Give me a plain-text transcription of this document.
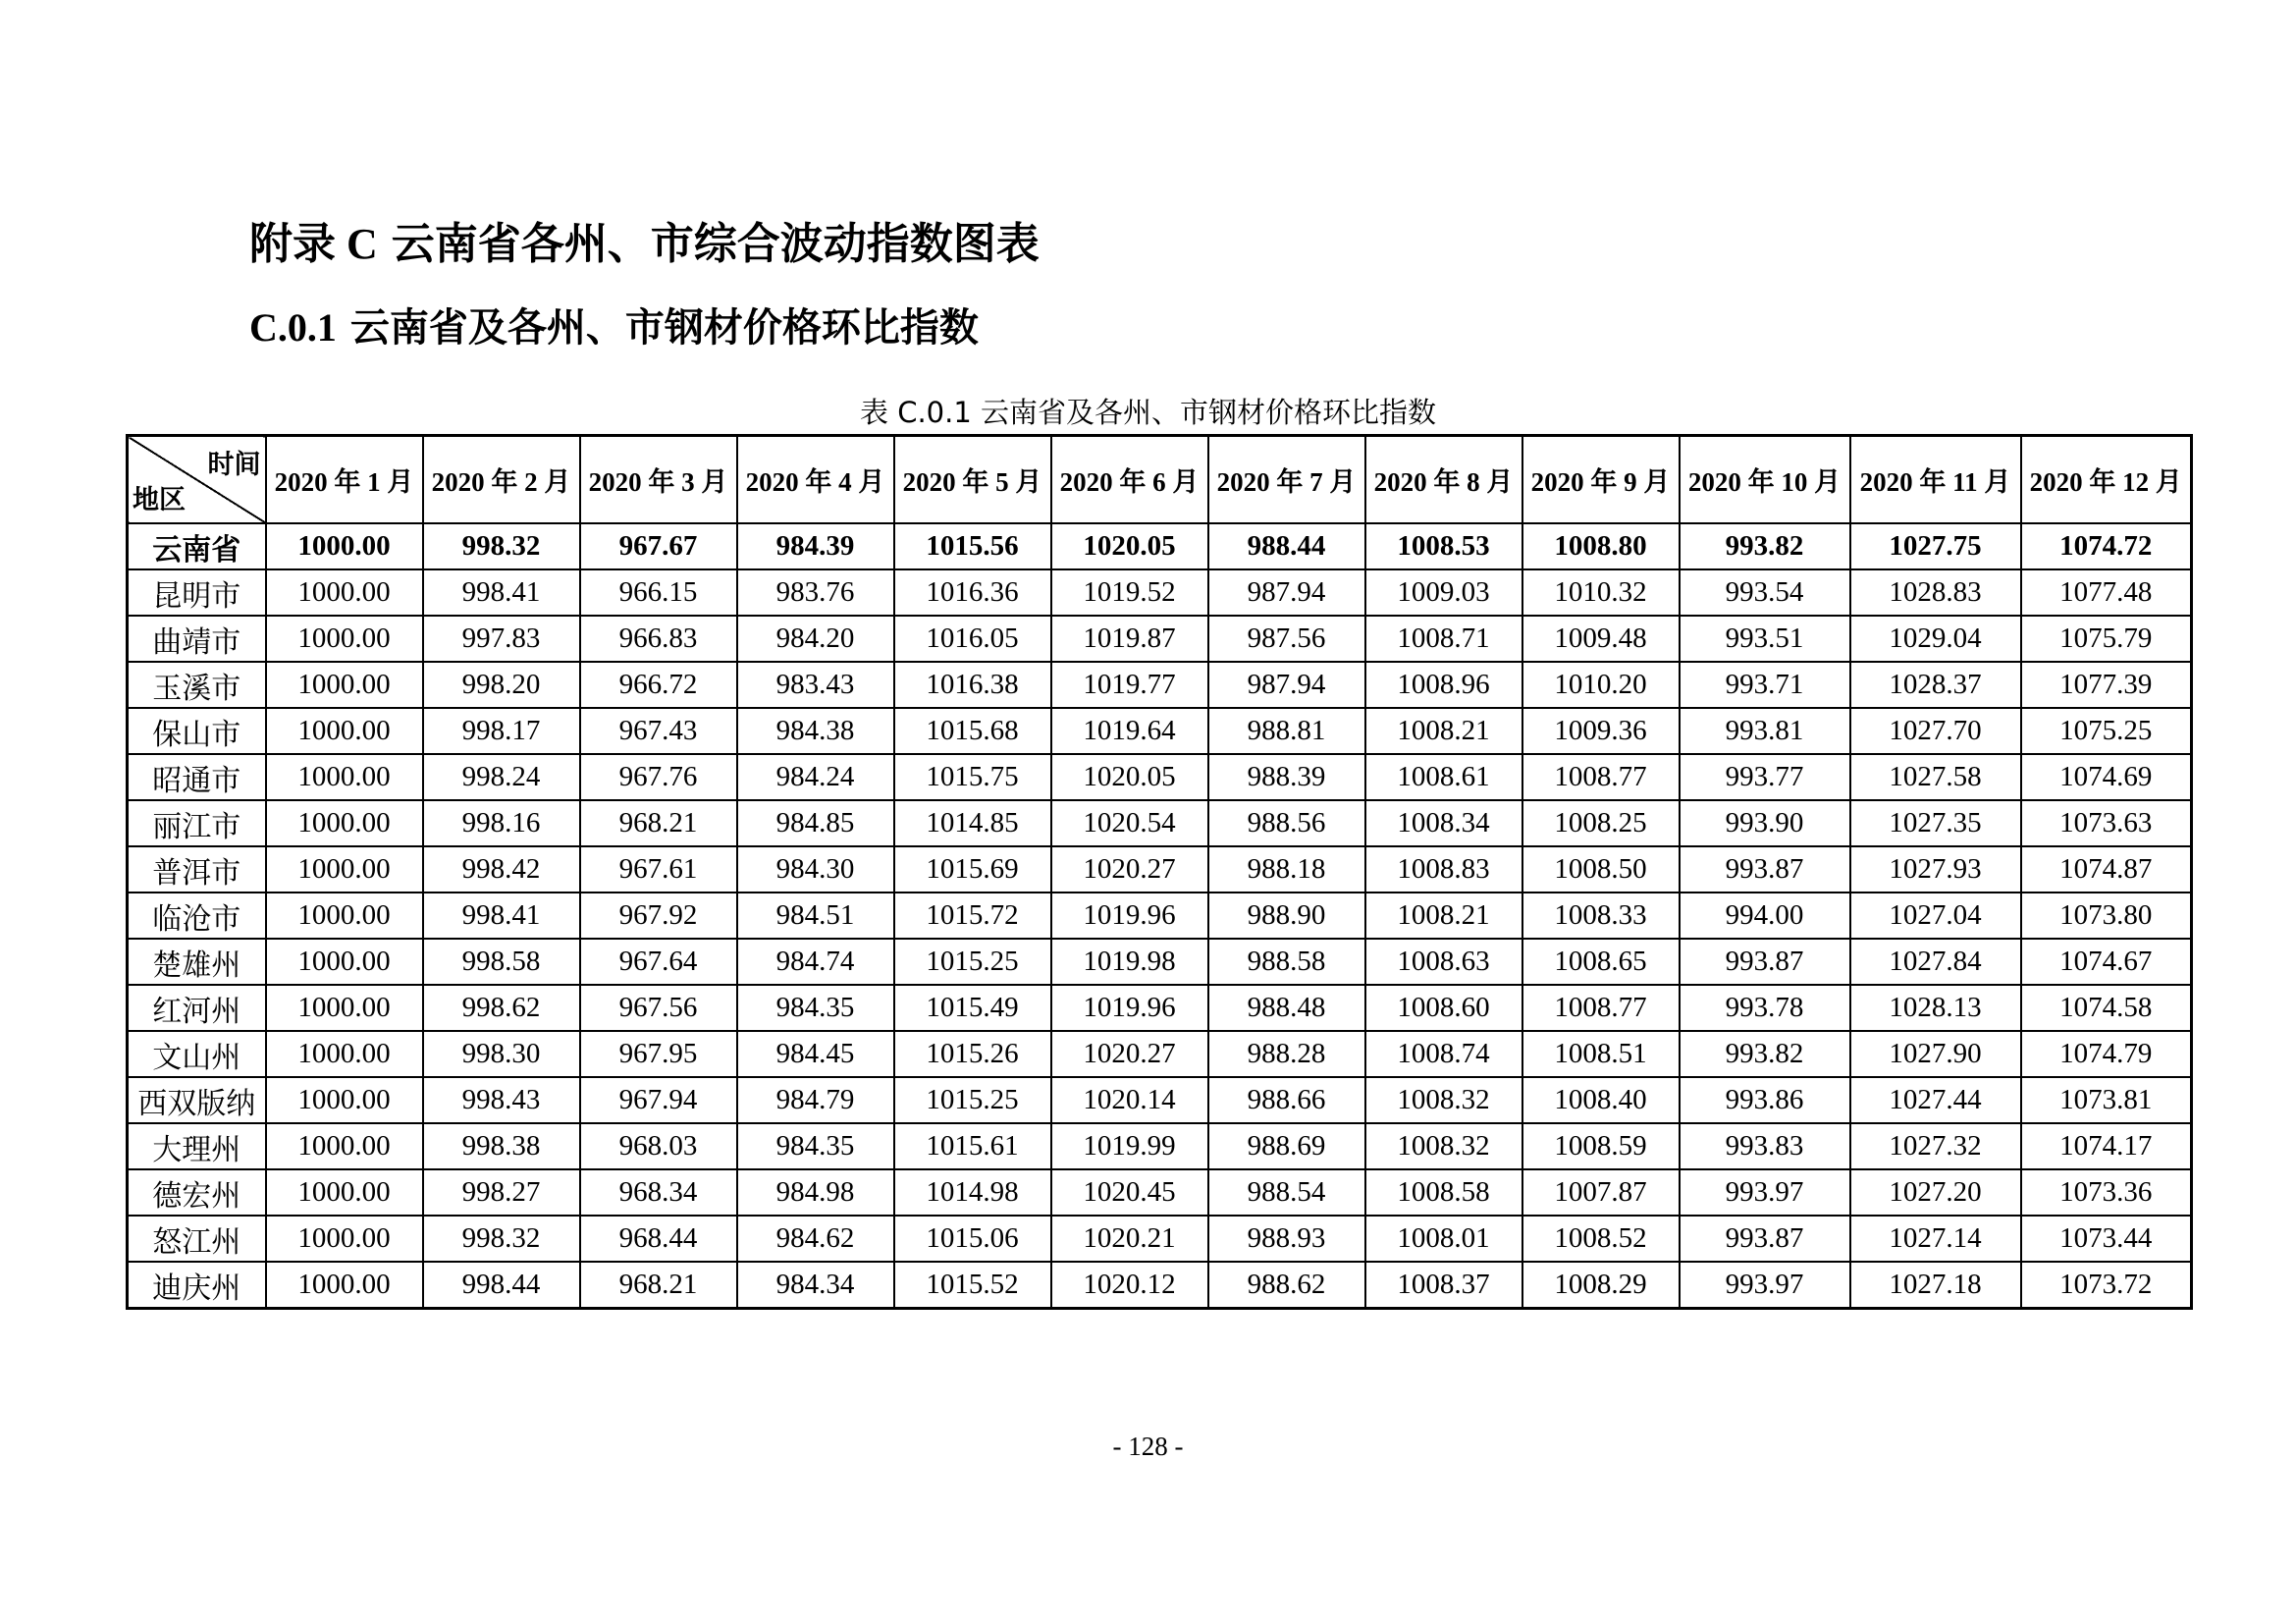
附录 C 云南省各州、市综合波动指数图表
C.0.1 云南省及各州、市钢材价格环比指数
表 C.0.1 云南省及各州、市钢材价格环比指数
时间
地区	2020 年 1 月	2020 年 2 月	2020 年 3 月	2020 年 4 月	2020 年 5 月	2020 年 6 月	2020 年 7 月	2020 年 8 月	2020 年 9 月	2020 年 10 月	2020 年 11 月	2020 年 12 月
云南省	1000.00	998.32	967.67	984.39	1015.56	1020.05	988.44	1008.53	1008.80	993.82	1027.75	1074.72
昆明市	1000.00	998.41	966.15	983.76	1016.36	1019.52	987.94	1009.03	1010.32	993.54	1028.83	1077.48
曲靖市	1000.00	997.83	966.83	984.20	1016.05	1019.87	987.56	1008.71	1009.48	993.51	1029.04	1075.79
玉溪市	1000.00	998.20	966.72	983.43	1016.38	1019.77	987.94	1008.96	1010.20	993.71	1028.37	1077.39
保山市	1000.00	998.17	967.43	984.38	1015.68	1019.64	988.81	1008.21	1009.36	993.81	1027.70	1075.25
昭通市	1000.00	998.24	967.76	984.24	1015.75	1020.05	988.39	1008.61	1008.77	993.77	1027.58	1074.69
丽江市	1000.00	998.16	968.21	984.85	1014.85	1020.54	988.56	1008.34	1008.25	993.90	1027.35	1073.63
普洱市	1000.00	998.42	967.61	984.30	1015.69	1020.27	988.18	1008.83	1008.50	993.87	1027.93	1074.87
临沧市	1000.00	998.41	967.92	984.51	1015.72	1019.96	988.90	1008.21	1008.33	994.00	1027.04	1073.80
楚雄州	1000.00	998.58	967.64	984.74	1015.25	1019.98	988.58	1008.63	1008.65	993.87	1027.84	1074.67
红河州	1000.00	998.62	967.56	984.35	1015.49	1019.96	988.48	1008.60	1008.77	993.78	1028.13	1074.58
文山州	1000.00	998.30	967.95	984.45	1015.26	1020.27	988.28	1008.74	1008.51	993.82	1027.90	1074.79
西双版纳	1000.00	998.43	967.94	984.79	1015.25	1020.14	988.66	1008.32	1008.40	993.86	1027.44	1073.81
大理州	1000.00	998.38	968.03	984.35	1015.61	1019.99	988.69	1008.32	1008.59	993.83	1027.32	1074.17
德宏州	1000.00	998.27	968.34	984.98	1014.98	1020.45	988.54	1008.58	1007.87	993.97	1027.20	1073.36
怒江州	1000.00	998.32	968.44	984.62	1015.06	1020.21	988.93	1008.01	1008.52	993.87	1027.14	1073.44
迪庆州	1000.00	998.44	968.21	984.34	1015.52	1020.12	988.62	1008.37	1008.29	993.97	1027.18	1073.72
- 128 -
